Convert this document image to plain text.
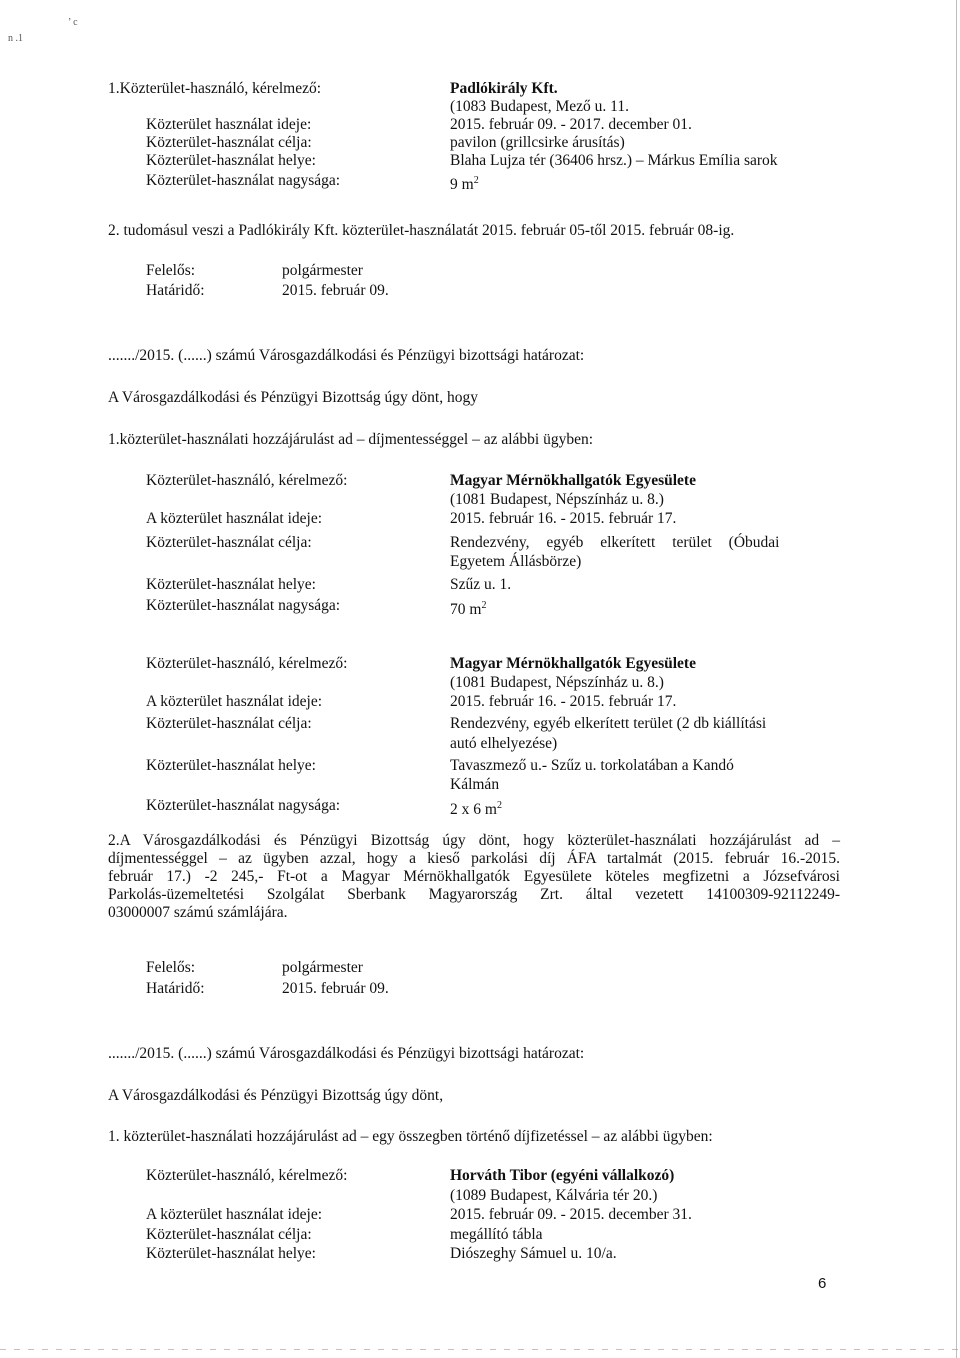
n .1
’ c
1.Közterület-használó, kérelmező:	Padlókirály Kft.
(1083 Budapest, Mező u. 11.
Közterület használat ideje:	2015. február 09. - 2017. december 01.
Közterület-használat célja:	pavilon (grillcsirke árusítás)
Közterület-használat helye:	Blaha Lujza tér (36406 hrsz.) – Márkus Emília sarok
Közterület-használat nagysága:	9 $m^2$
2. tudomásul veszi a Padlókirály Kft. közterület-használatát 2015. február 05-től 2015. február 08-ig.
Felelős:	polgármester
Határidő:	2015. február 09.
......./2015. (......) számú Városgazdálkodási és Pénzügyi bizottsági határozat:
A Városgazdálkodási és Pénzügyi Bizottság úgy dönt, hogy
1.közterület-használati hozzájárulást ad – díjmentességgel – az alábbi ügyben:
Közterület-használó, kérelmező:	Magyar Mérnökhallgatók Egyesülete
(1081 Budapest, Népszínház u. 8.)
A közterület használat ideje:	2015. február 16. - 2015. február 17.
Közterület-használat célja:	Rendezvény, egyéb elkerített terület (Óbudai
Egyetem Állásbörze)
Közterület-használat helye:	Szűz u. 1.
Közterület-használat nagysága:	70 $m^2$
Közterület-használó, kérelmező:	Magyar Mérnökhallgatók Egyesülete
(1081 Budapest, Népszínház u. 8.)
A közterület használat ideje:	2015. február 16. - 2015. február 17.
Közterület-használat célja:	Rendezvény, egyéb elkerített terület (2 db kiállítási
autó elhelyezése)
Közterület-használat helye:	Tavaszmező u.- Szűz u. torkolatában a Kandó
Kálmán
Közterület-használat nagysága:	2 x 6 $m^2$
2.A Városgazdálkodási és Pénzügyi Bizottság úgy dönt, hogy közterület-használati hozzájárulást ad –
díjmentességgel – az ügyben azzal, hogy a kieső parkolási díj ÁFA tartalmát (2015. február 16.-2015.
február 17.) -2 245,- Ft-ot a Magyar Mérnökhallgatók Egyesülete köteles megfizetni a Józsefvárosi
Parkolás-üzemeltetési Szolgálat Sberbank Magyarország Zrt. által vezetett 14100309-92112249-
03000007 számú számlájára.
Felelős:	polgármester
Határidő:	2015. február 09.
......./2015. (......) számú Városgazdálkodási és Pénzügyi bizottsági határozat:
A Városgazdálkodási és Pénzügyi Bizottság úgy dönt,
1. közterület-használati hozzájárulást ad – egy összegben történő díjfizetéssel – az alábbi ügyben:
Közterület-használó, kérelmező:	Horváth Tibor (egyéni vállalkozó)
(1089 Budapest, Kálvária tér 20.)
A közterület használat ideje:	2015. február 09. - 2015. december 31.
Közterület-használat célja:	megállító tábla
Közterület-használat helye:	Diószeghy Sámuel u. 10/a.
6
